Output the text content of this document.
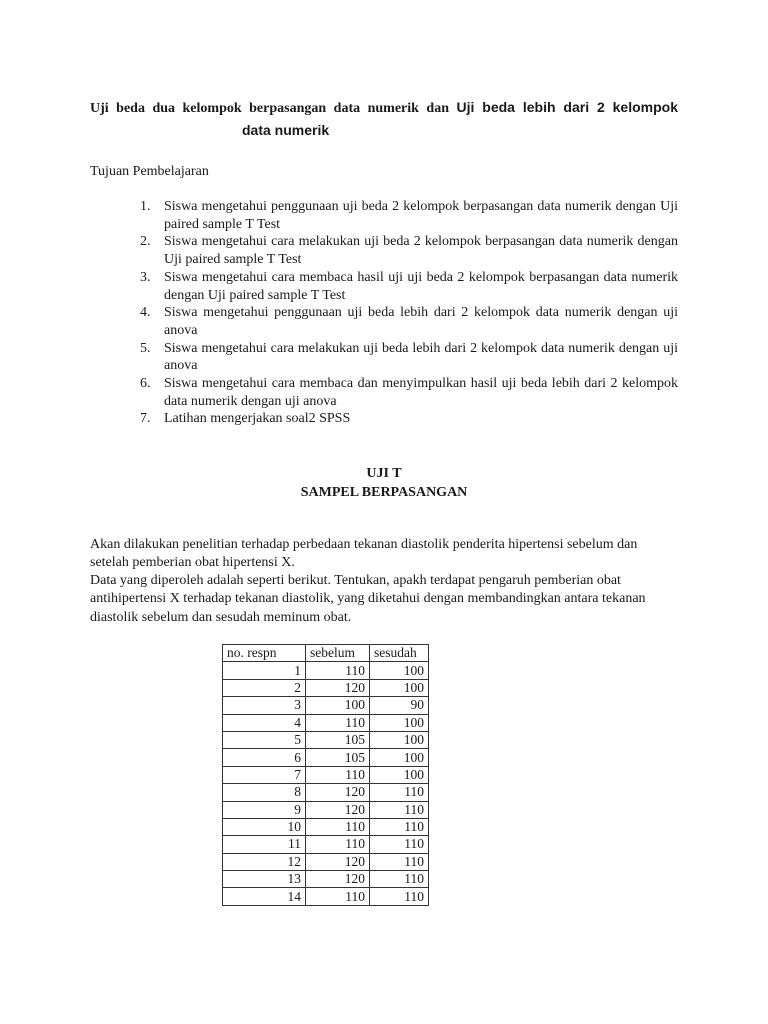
Uji beda dua kelompok berpasangan data numerik dan Uji beda lebih dari 2 kelompok
data numerik
Tujuan Pembelajaran
1. Siswa mengetahui penggunaan uji beda 2 kelompok berpasangan data numerik dengan Uji paired sample T Test
2. Siswa mengetahui cara melakukan uji beda 2 kelompok berpasangan data numerik dengan Uji paired sample T Test
3. Siswa mengetahui cara membaca hasil uji uji beda 2 kelompok berpasangan data numerik dengan Uji paired sample T Test
4. Siswa mengetahui penggunaan uji beda lebih dari 2 kelompok data numerik dengan uji anova
5. Siswa mengetahui cara melakukan uji beda lebih dari 2 kelompok data numerik dengan uji anova
6. Siswa mengetahui cara membaca dan menyimpulkan hasil uji beda lebih dari 2 kelompok data numerik dengan uji anova
7. Latihan mengerjakan soal2 SPSS
UJI T
SAMPEL BERPASANGAN
Akan dilakukan penelitian terhadap perbedaan tekanan diastolik penderita hipertensi sebelum dan setelah pemberian obat hipertensi X.
Data yang diperoleh adalah seperti berikut. Tentukan, apakh terdapat pengaruh pemberian obat antihipertensi X terhadap tekanan diastolik, yang diketahui dengan membandingkan antara tekanan diastolik sebelum dan sesudah meminum obat.
no. respn	sebelum	sesudah
1	110	100
2	120	100
3	100	90
4	110	100
5	105	100
6	105	100
7	110	100
8	120	110
9	120	110
10	110	110
11	110	110
12	120	110
13	120	110
14	110	110
